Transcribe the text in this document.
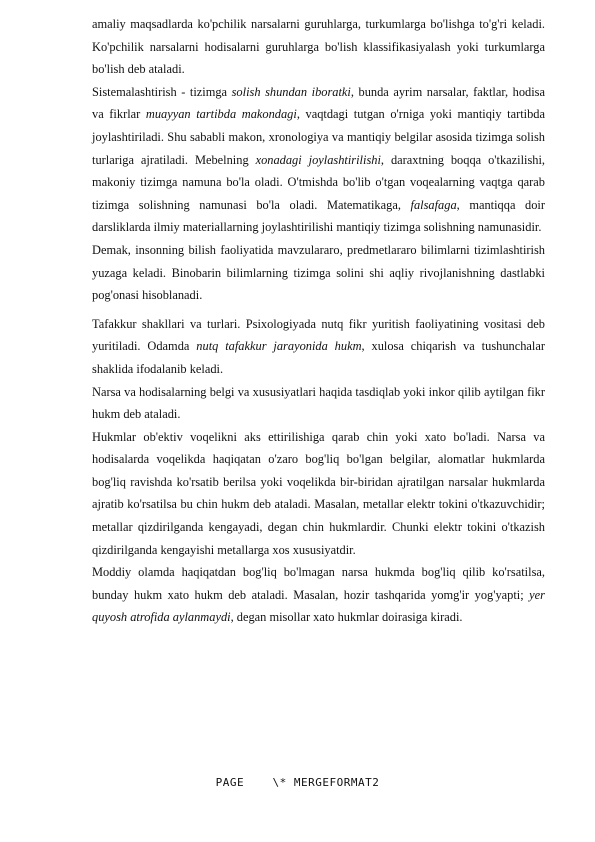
amaliy maqsadlarda ko'pchilik narsalarni guruhlarga, turkumlarga bo'lishga to'g'ri keladi. Ko'pchilik narsalarni hodisalarni guruhlarga bo'lish klassifikasiyalash yoki turkumlarga bo'lish deb ataladi.

Sistemalashtirish - tizimga solish shundan iboratki, bunda ayrim narsalar, faktlar, hodisa va fikrlar muayyan tartibda makondagi, vaqtdagi tutgan o'rniga yoki mantiqiy tartibda joylashtiriladi. Shu sababli makon, xronologiya va mantiqiy belgilar asosida tizimga solish turlariga ajratiladi. Mebelning xonadagi joylashtirilishi, daraxtning boqqa o'tkazilishi, makoniy tizimga namuna bo'la oladi. O'tmishda bo'lib o'tgan voqealarning vaqtga qarab tizimga solishning namunasi bo'la oladi. Matematikaga, falsafaga, mantiqqa doir darsliklarda ilmiy materiallarning joylashtirilishi mantiqiy tizimga solishning namunasidir.

Demak, insonning bilish faoliyatida mavzulararo, predmetlararo bilimlarni tizimlashtirish yuzaga keladi. Binobarin bilimlarning tizimga solini shi aqliy rivojlanishning dastlabki pog'onasi hisoblanadi.

Tafakkur shakllari va turlari. Psixologiyada nutq fikr yuritish faoliyatining vositasi deb yuritiladi. Odamda nutq tafakkur jarayonida hukm, xulosa chiqarish va tushunchalar shaklida ifodalanib keladi.

Narsa va hodisalarning belgi va xususiyatlari haqida tasdiqlab yoki inkor qilib aytilgan fikr hukm deb ataladi.

Hukmlar ob'ektiv voqelikni aks ettirilishiga qarab chin yoki xato bo'ladi. Narsa va hodisalarda voqelikda haqiqatan o'zaro bog'liq bo'lgan belgilar, alomatlar hukmlarda bog'liq ravishda ko'rsatib berilsa yoki voqelikda bir-biridan ajratilgan narsalar hukmlarda ajratib ko'rsatilsa bu chin hukm deb ataladi. Masalan, metallar elektr tokini o'tkazuvchidir; metallar qizdirilganda kengayadi, degan chin hukmlardir. Chunki elektr tokini o'tkazish qizdirilganda kengayishi metallarga xos xususiyatdir.

Moddiy olamda haqiqatdan bog'liq bo'lmagan narsa hukmda bog'liq qilib ko'rsatilsa, bunday hukm xato hukm deb ataladi. Masalan, hozir tashqarida yomg'ir yog'yapti; yer quyosh atrofida aylanmaydi, degan misollar xato hukmlar doirasiga kiradi.

PAGE    \* MERGEFORMAT2
